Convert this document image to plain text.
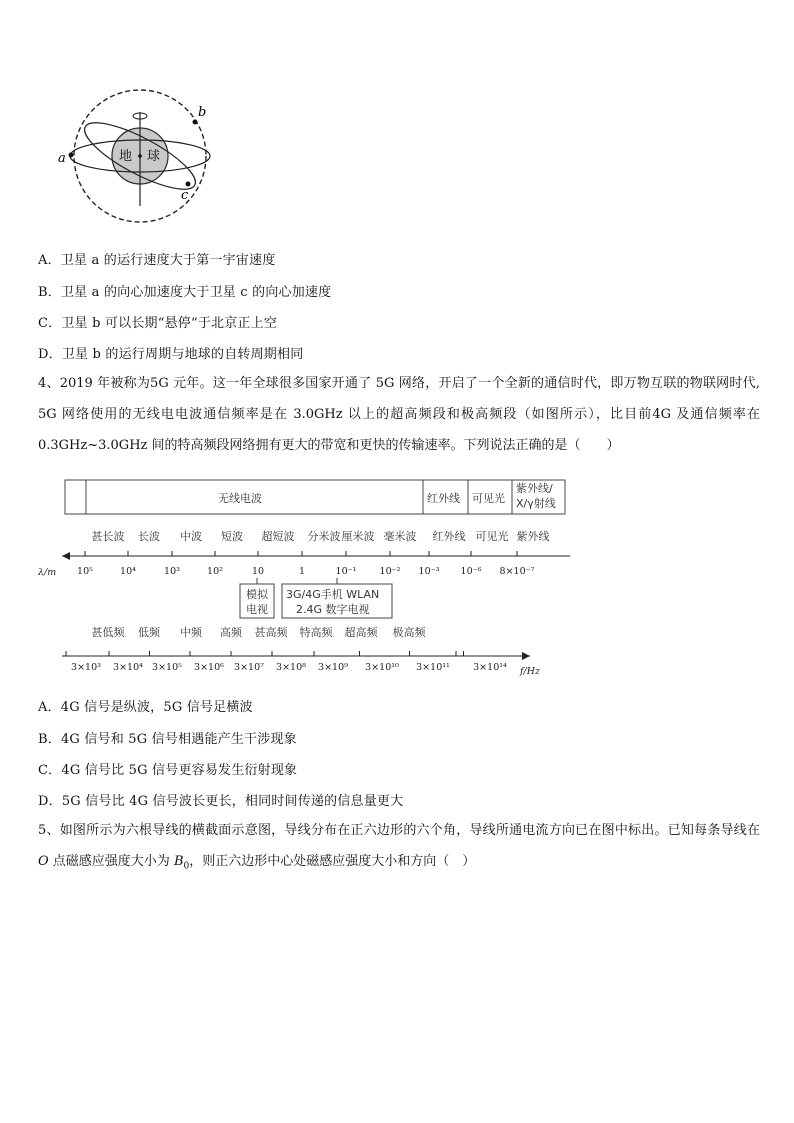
地 球
a
b
c
A．卫星 a 的运行速度大于第一宇宙速度
B．卫星 a 的向心加速度大于卫星 c 的向心加速度
C．卫星 b 可以长期“悬停”于北京正上空
D．卫星 b 的运行周期与地球的自转周期相同
4、2019 年被称为5G 元年。这一年全球很多国家开通了 5G 网络，开启了一个全新的通信时代，即万物互联的物联网时代, 5G 网络使用的无线电电波通信频率是在 3.0GHz 以上的超高频段和极高频段（如图所示），比目前4G 及通信频率在0.3GHz~3.0GHz 间的特高频段网络拥有更大的带宽和更快的传输速率。下列说法正确的是（　　）
无线电波	红外线 可见光
紫外线/
X/γ射线
甚长波 长波 中波 短波 超短波 分米波 厘米波 毫米波 红外线 可见光 紫外线
λ/m 10⁵	10⁴	10³	10²	10	1	10⁻¹ 10⁻² 10⁻³ 10⁻⁶ 8×10⁻⁷
模拟
电视
3G/4G手机 WLAN
2.4G 数字电视
甚低频 低频 中频 高频 甚高频 特高频 超高频 极高频
f/Hz
3×10³ 3×10⁴ 3×10⁵ 3×10⁶ 3×10⁷ 3×10⁸ 3×10⁹ 3×10¹⁰ 3×10¹¹ 3×10¹⁴
A．4G 信号是纵波，5G 信号足横波
B．4G 信号和 5G 信号相遇能产生干涉现象
C．4G 信号比 5G 信号更容易发生衍射现象
D．5G 信号比 4G 信号波长更长，相同时间传递的信息量更大
5、如图所示为六根导线的横截面示意图，导线分布在正六边形的六个角，导线所通电流方向已在图中标出。已知每条导线在 O 点磁感应强度大小为 $B_0$，则正六边形中心处磁感应强度大小和方向（　）
